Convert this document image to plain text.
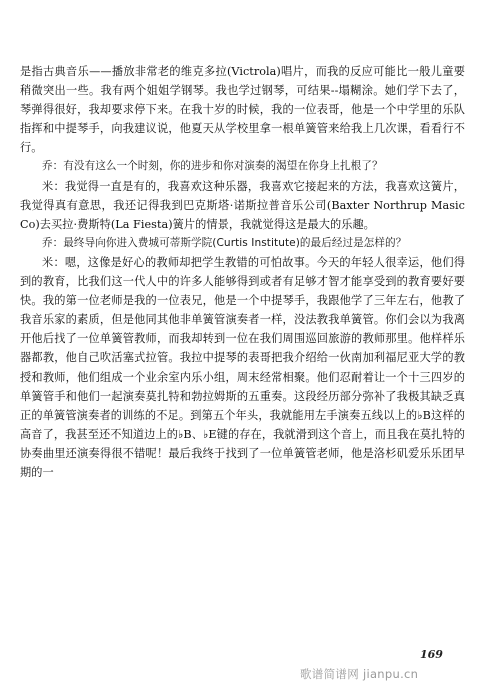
是指古典音乐——播放非常老的维克多拉(Victrola)唱片，而我的反应可能比一般儿童要稍微突出一些。我有两个姐姐学钢琴。我也学过钢琴，可结果--塌糊涂。她们学下去了，琴弹得很好，我却要求停下来。在我十岁的时候，我的一位表哥，他是一个中学里的乐队指挥和中提琴手，向我建议说，他夏天从学校里拿一根单簧管来给我上几次课，看看行不行。

乔：有没有这么一个时刻，你的进步和你对演奏的渴望在你身上扎根了？

米：我觉得一直是有的，我喜欢这种乐器，我喜欢它接起来的方法，我喜欢这簧片，我觉得真有意思，我还记得我到巴克斯塔·诺斯拉普音乐公司(Baxter Northrup Masic Co)去买拉·费斯特(La Fiesta)簧片的情景，我就觉得这是最大的乐趣。

乔：最终导向你进入费城可蒂斯学院(Curtis Institute)的最后经过是怎样的？

米：嗯，这像是好心的教师却把学生教错的可怕故事。今天的年轻人很幸运，他们得到的教育，比我们这一代人中的许多人能够得到或者有足够才智才能享受到的教育要好要快。我的第一位老师是我的一位表兄，他是一个中提琴手，我跟他学了三年左右，他教了我音乐家的素质，但是他同其他非单簧管演奏者一样，没法教我单簧管。你们会以为我离开他后找了一位单簧管教师，而我却转到一位在我们周围巡回旅游的教师那里。他样样乐器都教，他自己吹活塞式拉管。我拉中提琴的表哥把我介绍给一伙南加利福尼亚大学的教授和教师，他们组成一个业余室内乐小组，周末经常相聚。他们忍耐着让一个十三四岁的单簧管手和他们一起演奏莫扎特和勃拉姆斯的五重奏。这段经历部分弥补了我极其缺乏真正的单簧管演奏者的训练的不足。到第五个年头，我就能用左手演奏五线以上的♭B这样的高音了，我甚至还不知道边上的♭B、♭E键的存在，我就滑到这个音上，而且我在莫扎特的协奏曲里还演奏得很不错呢！最后我终于找到了一位单簧管老师，他是洛杉矶爱乐乐团早期的一

169
歌谱简谱网 jianpu.cn
